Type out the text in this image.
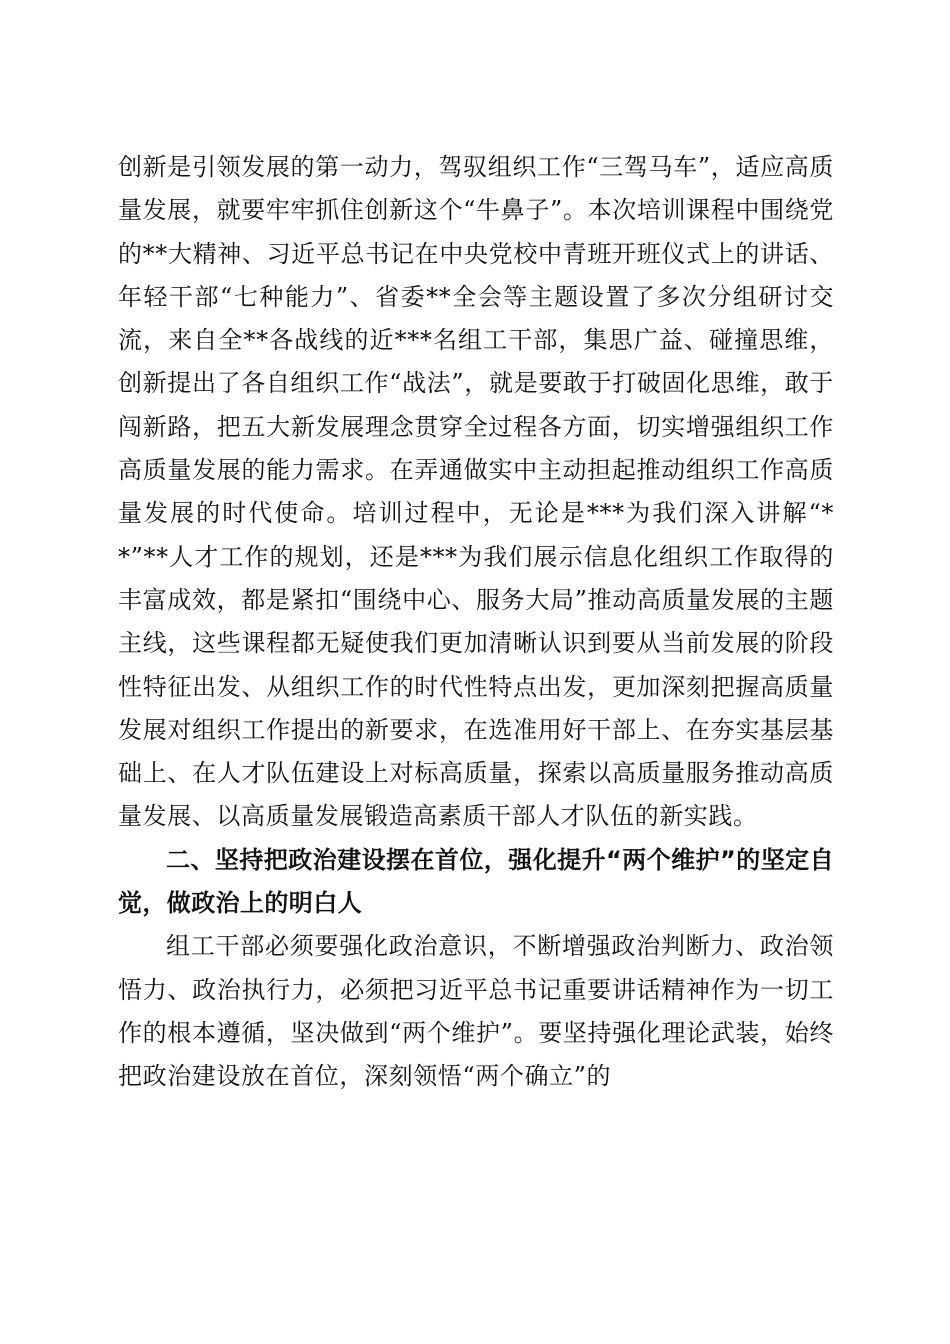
创新是引领发展的第一动力，驾驭组织工作“三驾马车”，适应高质量发展，就要牢牢抓住创新这个“牛鼻子”。本次培训课程中围绕党的**大精神、习近平总书记在中央党校中青班开班仪式上的讲话、年轻干部“七种能力”、省委**全会等主题设置了多次分组研讨交流，来自全**各战线的近***名组工干部，集思广益、碰撞思维，创新提出了各自组织工作“战法”，就是要敢于打破固化思维，敢于闯新路，把五大新发展理念贯穿全过程各方面，切实增强组织工作高质量发展的能力需求。在弄通做实中主动担起推动组织工作高质量发展的时代使命。培训过程中，无论是***为我们深入讲解“**”**人才工作的规划，还是***为我们展示信息化组织工作取得的丰富成效，都是紧扣“围绕中心、服务大局”推动高质量发展的主题主线，这些课程都无疑使我们更加清晰认识到要从当前发展的阶段性特征出发、从组织工作的时代性特点出发，更加深刻把握高质量发展对组织工作提出的新要求，在选准用好干部上、在夯实基层基础上、在人才队伍建设上对标高质量，探索以高质量服务推动高质量发展、以高质量发展锻造高素质干部人才队伍的新实践。

二、坚持把政治建设摆在首位，强化提升“两个维护”的坚定自觉，做政治上的明白人

组工干部必须要强化政治意识，不断增强政治判断力、政治领悟力、政治执行力，必须把习近平总书记重要讲话精神作为一切工作的根本遵循，坚决做到“两个维护”。要坚持强化理论武装，始终把政治建设放在首位，深刻领悟“两个确立”的
